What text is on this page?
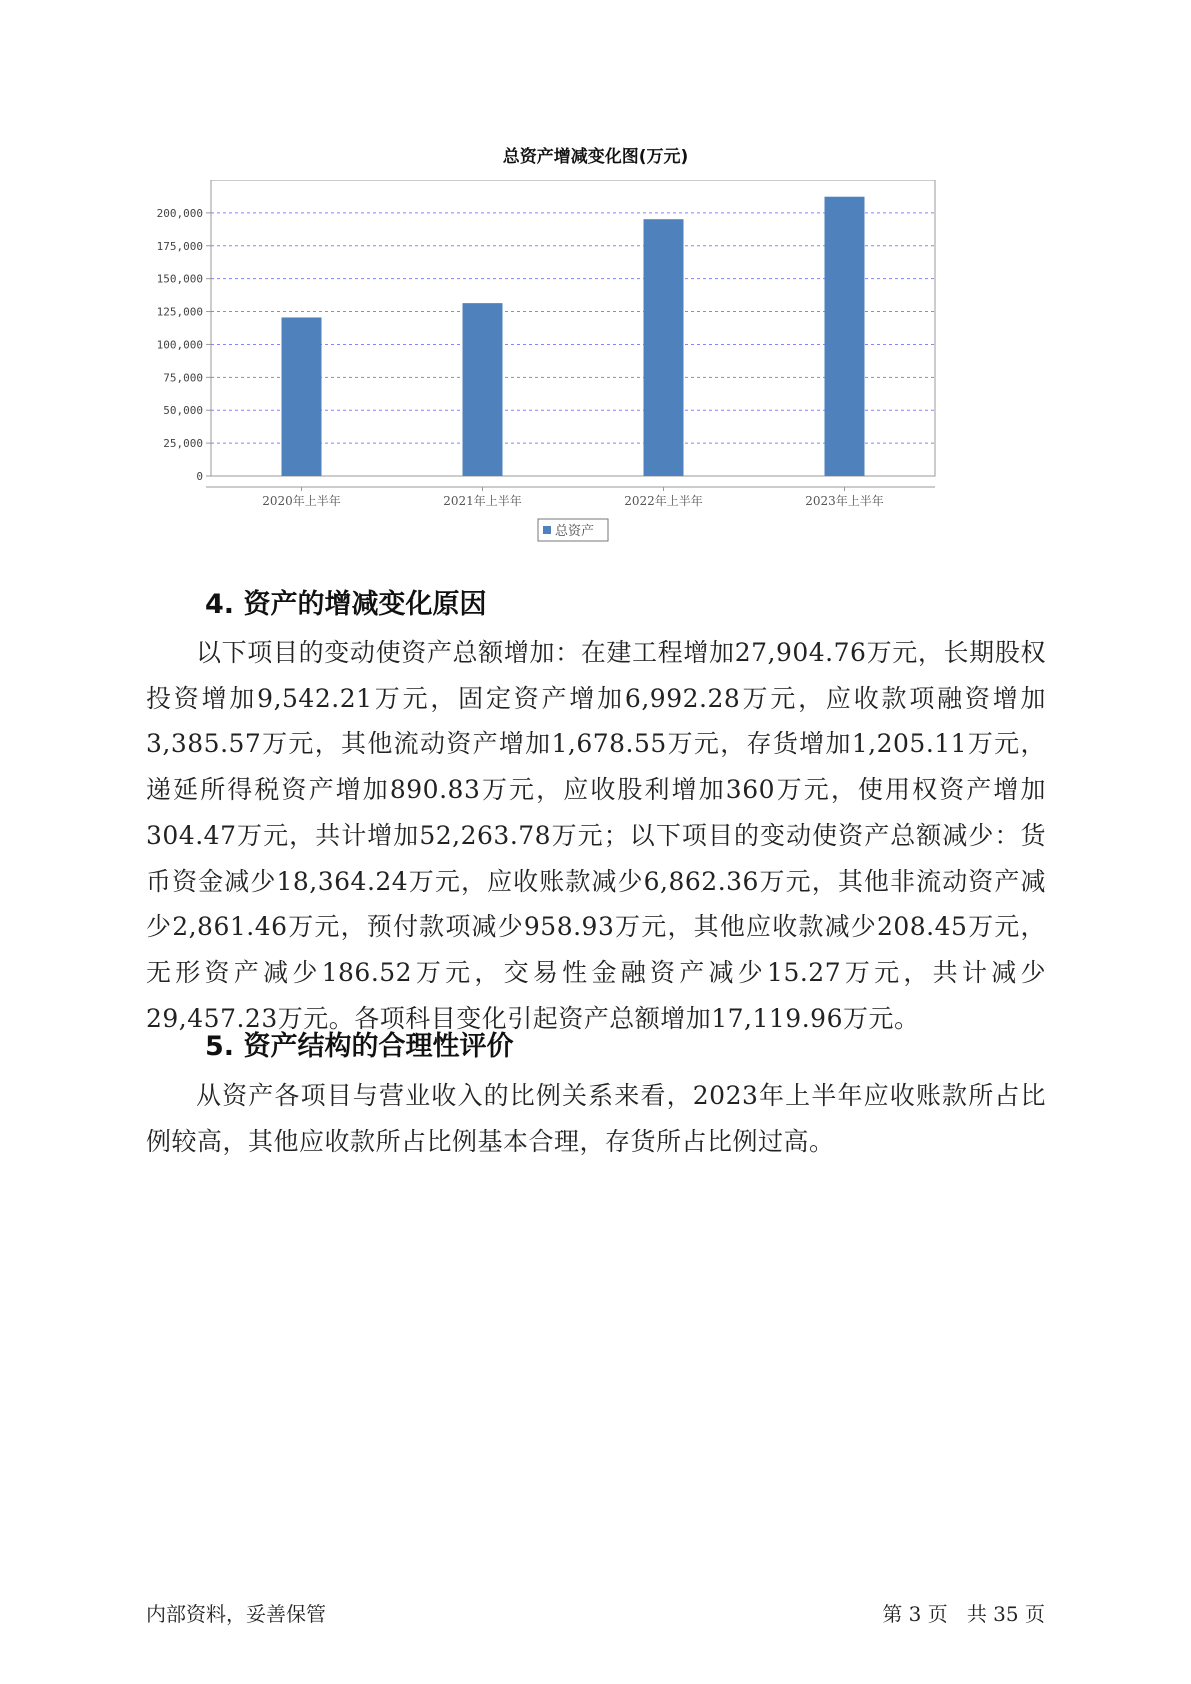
总资产增减变化图(万元)
0
25,000
50,000
75,000
100,000
125,000
150,000
175,000
200,000
2020年上半年	2021年上半年	2022年上半年	2023年上半年
总资产
4. 资产的增减变化原因
以下项目的变动使资产总额增加：在建工程增加27,904.76万元，长期股权投资增加9,542.21万元，固定资产增加6,992.28万元，应收款项融资增加3,385.57万元，其他流动资产增加1,678.55万元，存货增加1,205.11万元，递延所得税资产增加890.83万元，应收股利增加360万元，使用权资产增加304.47万元，共计增加52,263.78万元；以下项目的变动使资产总额减少：货币资金减少18,364.24万元，应收账款减少6,862.36万元，其他非流动资产减少2,861.46万元，预付款项减少958.93万元，其他应收款减少208.45万元，无形资产减少186.52万元，交易性金融资产减少15.27万元，共计减少29,457.23万元。各项科目变化引起资产总额增加17,119.96万元。
5. 资产结构的合理性评价
从资产各项目与营业收入的比例关系来看，2023年上半年应收账款所占比例较高，其他应收款所占比例基本合理，存货所占比例过高。
内部资料，妥善保管	第 3 页   共 35 页
